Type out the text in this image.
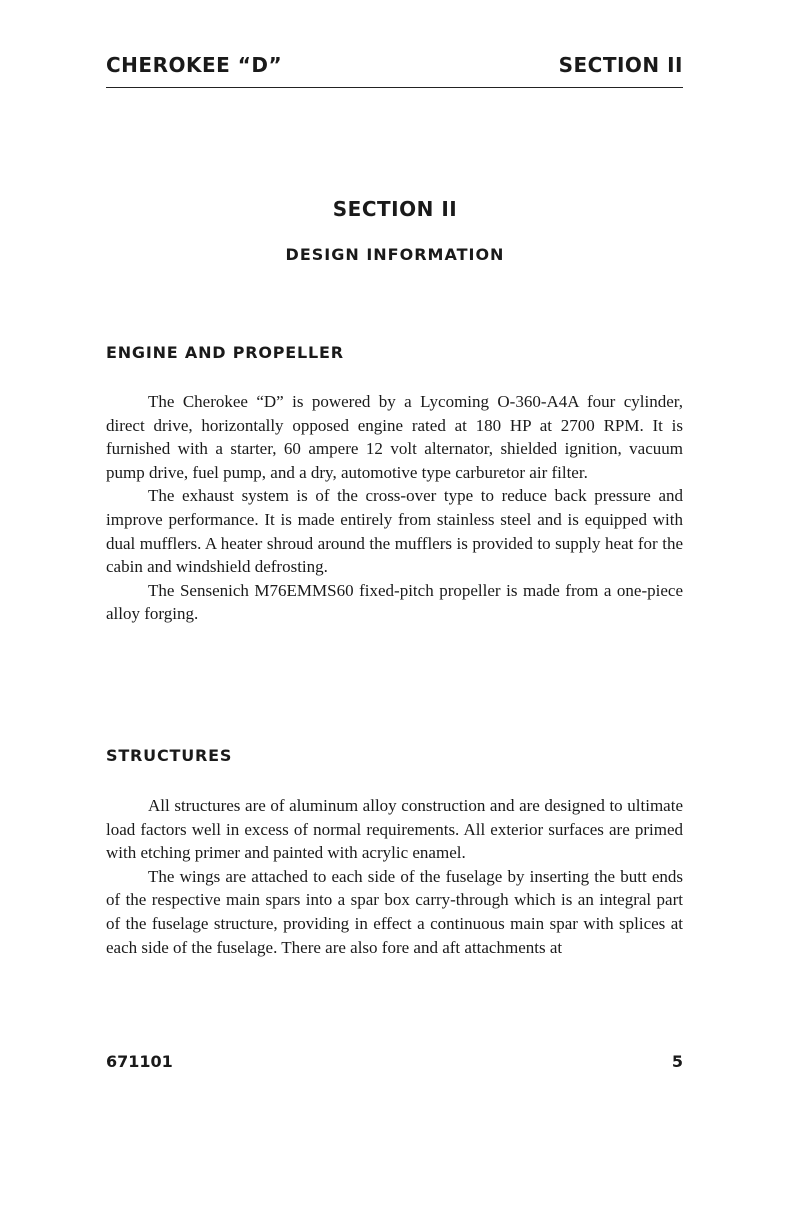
CHEROKEE “D”	SECTION II
SECTION II
DESIGN INFORMATION
ENGINE AND PROPELLER

The Cherokee “D” is powered by a Lycoming O-360-A4A four cylinder, direct drive, horizontally opposed engine rated at 180 HP at 2700 RPM. It is furnished with a starter, 60 ampere 12 volt alternator, shielded ignition, vacuum pump drive, fuel pump, and a dry, automotive type carburetor air filter.

The exhaust system is of the cross-over type to reduce back pressure and improve performance. It is made entirely from stainless steel and is equipped with dual mufflers. A heater shroud around the mufflers is provided to supply heat for the cabin and windshield defrosting.

The Sensenich M76EMMS60 fixed-pitch propeller is made from a one-piece alloy forging.

STRUCTURES

All structures are of aluminum alloy construction and are designed to ultimate load factors well in excess of normal requirements. All exterior surfaces are primed with etching primer and painted with acrylic enamel.

The wings are attached to each side of the fuselage by inserting the butt ends of the respective main spars into a spar box carry-through which is an integral part of the fuselage structure, providing in effect a continuous main spar with splices at each side of the fuselage. There are also fore and aft attachments at

671101	5
